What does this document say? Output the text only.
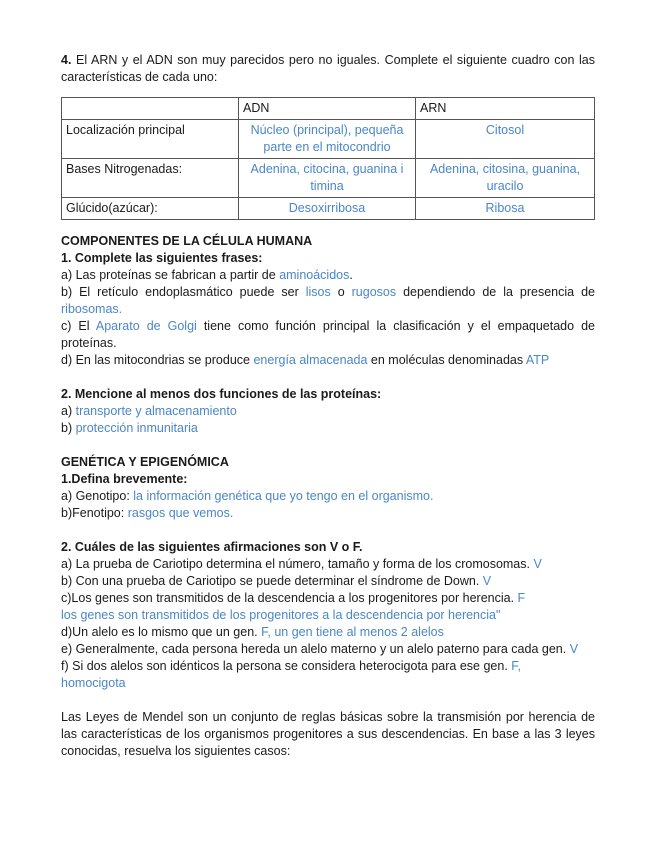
4. El ARN y el ADN son muy parecidos pero no iguales. Complete el siguiente cuadro con las características de cada uno:

	ADN	ARN
Localización principal	Núcleo (principal), pequeña parte en el mitocondrio	Citosol
Bases Nitrogenadas:	Adenina, citocina, guanina i timina	Adenina, citosina, guanina, uracilo
Glúcido(azúcar):	Desoxirribosa	Ribosa

COMPONENTES DE LA CÉLULA HUMANA

1. Complete las siguientes frases:

a) Las proteínas se fabrican a partir de aminoácidos.

b) El retículo endoplasmático puede ser lisos o rugosos dependiendo de la presencia de ribosomas.

c) El Aparato de Golgi tiene como función principal la clasificación y el empaquetado de proteínas.

d) En las mitocondrias se produce energía almacenada en moléculas denominadas ATP

2. Mencione al menos dos funciones de las proteínas:

a) transporte y almacenamiento

b) protección inmunitaria

GENÉTICA Y EPIGENÓMICA

1.Defina brevemente:

a) Genotipo: la información genética que yo tengo en el organismo.

b)Fenotipo: rasgos que vemos.

2. Cuáles de las siguientes afirmaciones son V o F.

a) La prueba de Cariotipo determina el número, tamaño y forma de los cromosomas. V

b) Con una prueba de Cariotipo se puede determinar el síndrome de Down. V

c)Los genes son transmitidos de la descendencia a los progenitores por herencia. F

los genes son transmitidos de los progenitores a la descendencia por herencia"

d)Un alelo es lo mismo que un gen. F, un gen tiene al menos 2 alelos

e) Generalmente, cada persona hereda un alelo materno y un alelo paterno para cada gen. V

f) Si dos alelos son idénticos la persona se considera heterocigota para ese gen. F,

homocigota

Las Leyes de Mendel son un conjunto de reglas básicas sobre la transmisión por herencia de las características de los organismos progenitores a sus descendencias. En base a las 3 leyes conocidas, resuelva los siguientes casos:
